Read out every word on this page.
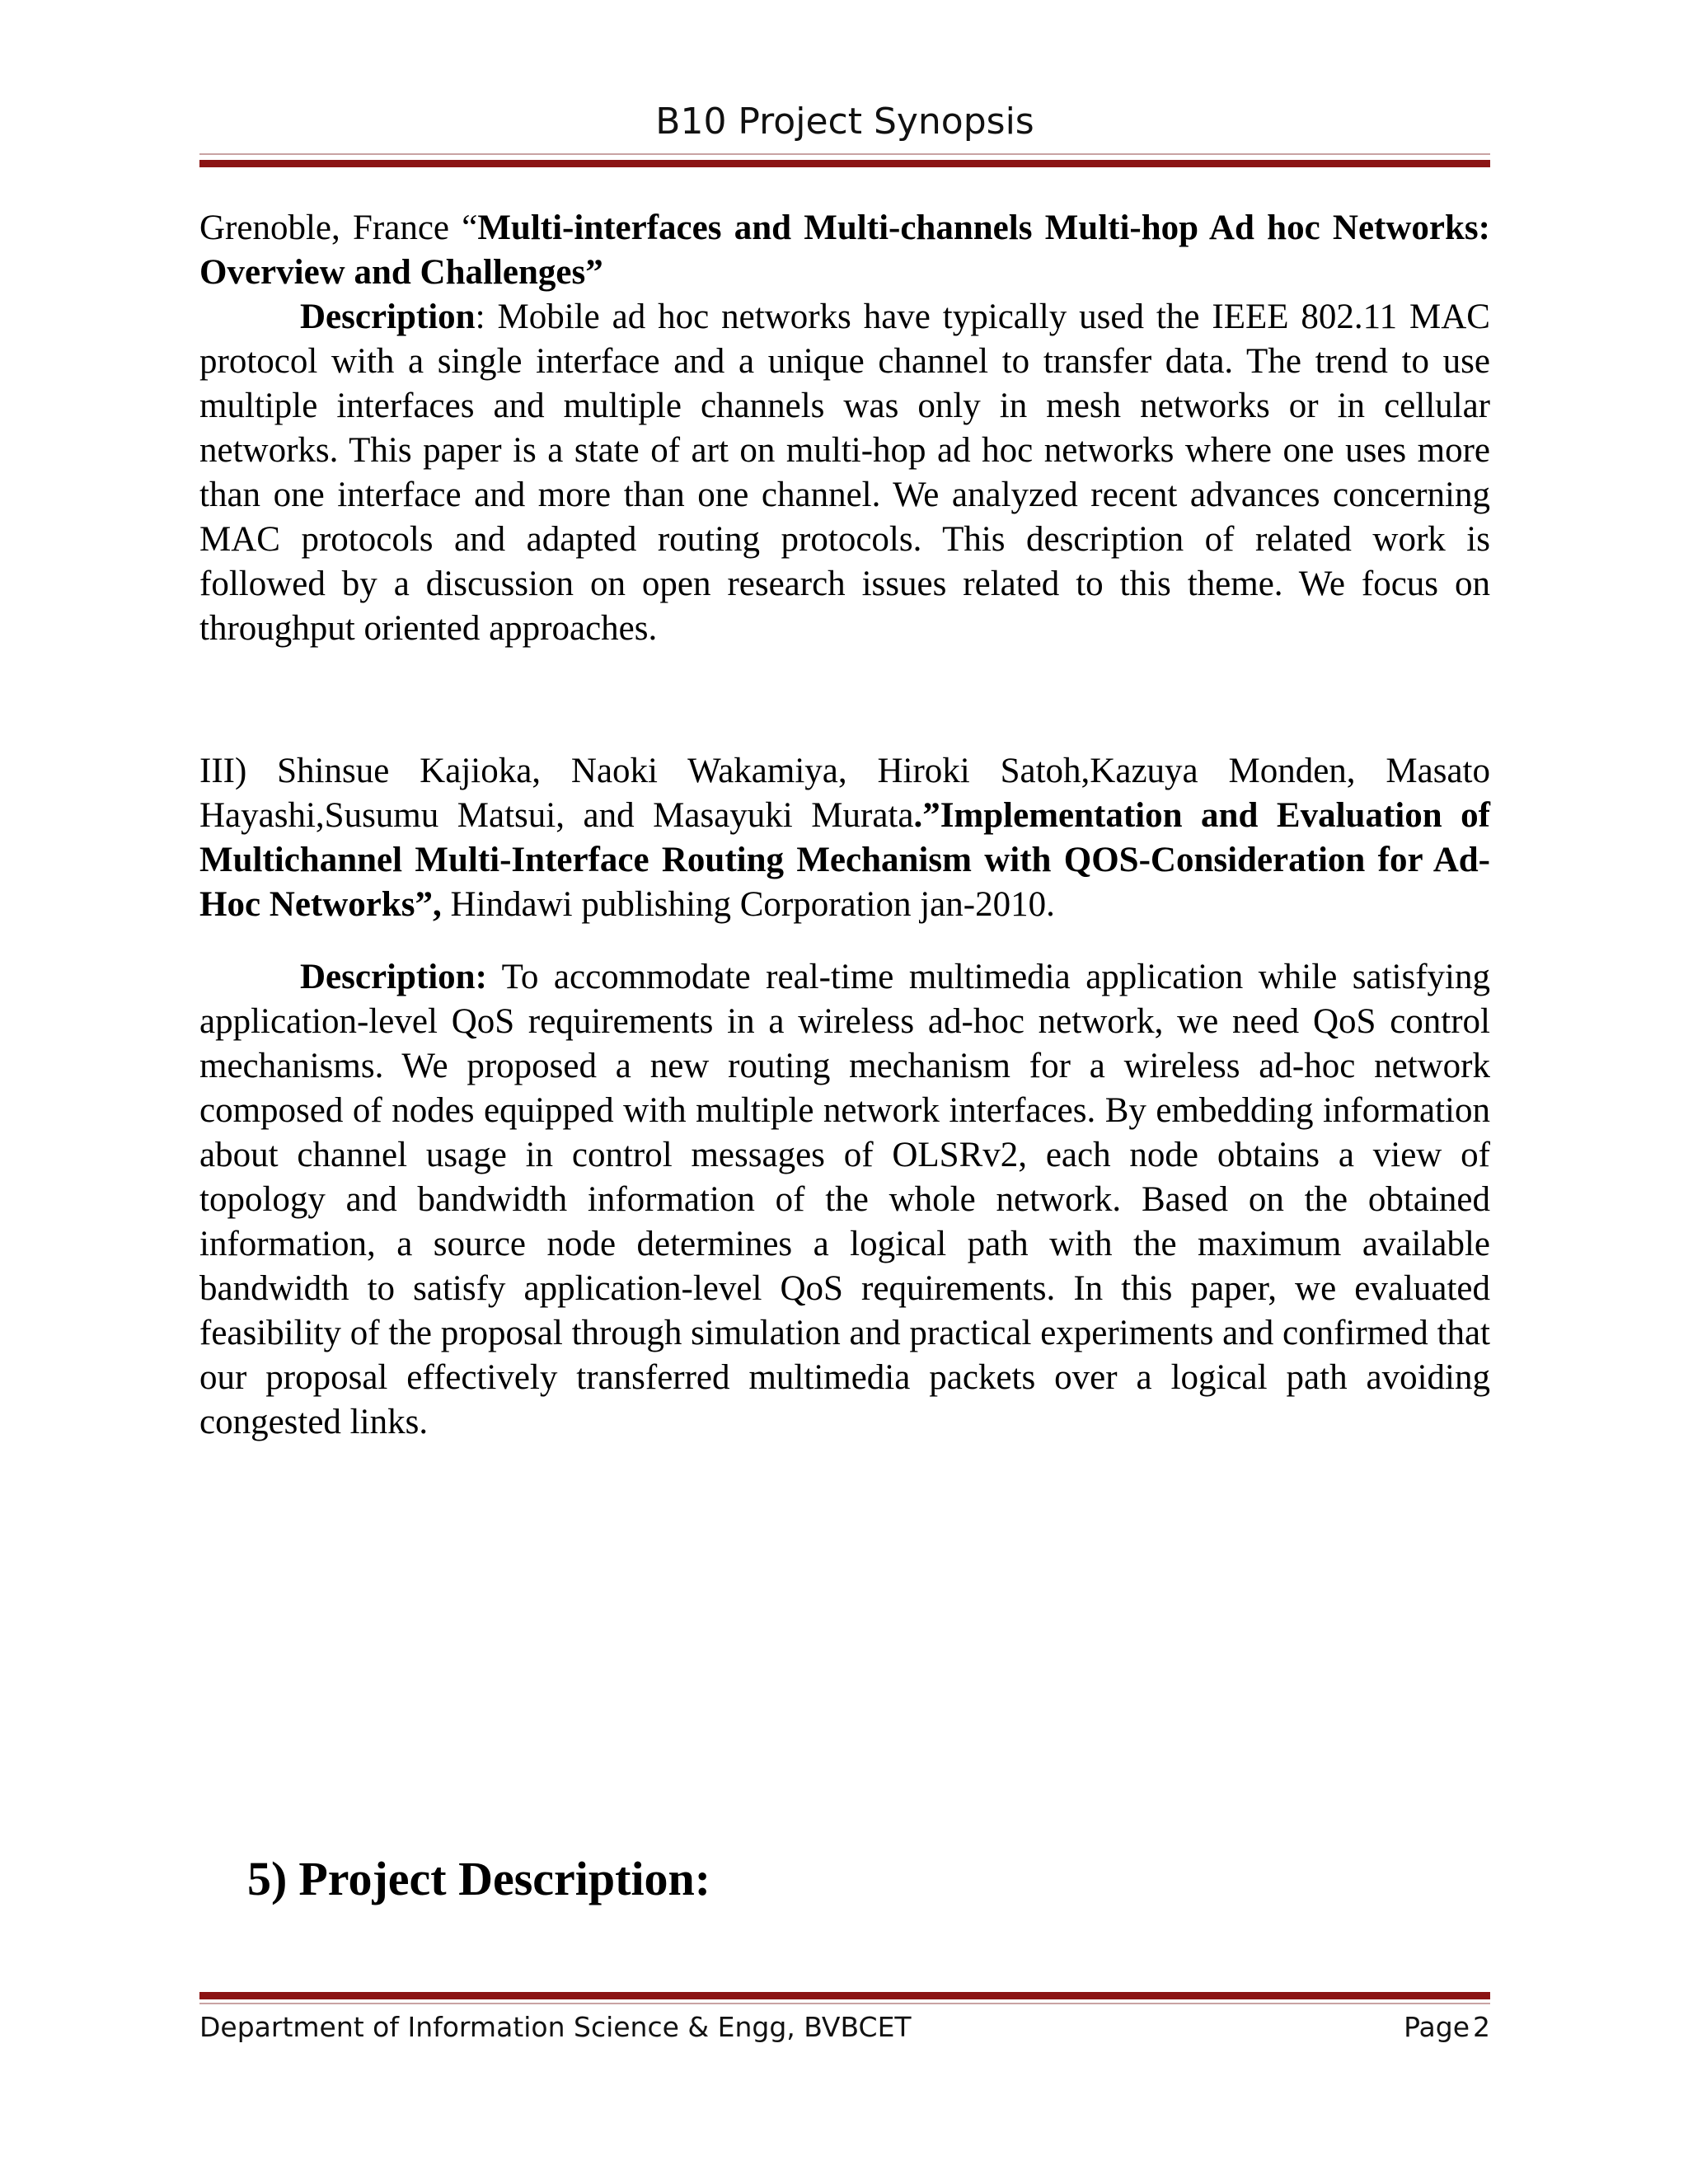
B10 Project Synopsis

Grenoble, France “Multi-interfaces and Multi-channels Multi-hop Ad hoc Networks: Overview and Challenges”

Description: Mobile ad hoc networks have typically used the IEEE 802.11 MAC protocol with a single interface and a unique channel to transfer data. The trend to use multiple interfaces and multiple channels was only in mesh networks or in cellular networks. This paper is a state of art on multi-hop ad hoc networks where one uses more than one interface and more than one channel. We analyzed recent advances concerning MAC protocols and adapted routing protocols. This description of related work is followed by a discussion on open research issues related to this theme. We focus on throughput oriented approaches.

III) Shinsue Kajioka, Naoki Wakamiya, Hiroki Satoh,Kazuya Monden, Masato Hayashi,Susumu Matsui, and Masayuki Murata.”Implementation and Evaluation of Multichannel Multi-Interface Routing Mechanism with QOS-Consideration for Ad-Hoc Networks”, Hindawi publishing Corporation jan-2010.

Description: To accommodate real-time multimedia application while satisfying application-level QoS requirements in a wireless ad-hoc network, we need QoS control mechanisms. We proposed a new routing mechanism for a wireless ad-hoc network composed of nodes equipped with multiple network interfaces. By embedding information about channel usage in control messages of OLSRv2, each node obtains a view of topology and bandwidth information of the whole network. Based on the obtained information, a source node determines a logical path with the maximum available bandwidth to satisfy application-level QoS requirements. In this paper, we evaluated feasibility of the proposal through simulation and practical experiments and confirmed that our proposal effectively transferred multimedia packets over a logical path avoiding congested links.

5) Project Description:
Department of Information Science & Engg, BVBCET	Page 2
